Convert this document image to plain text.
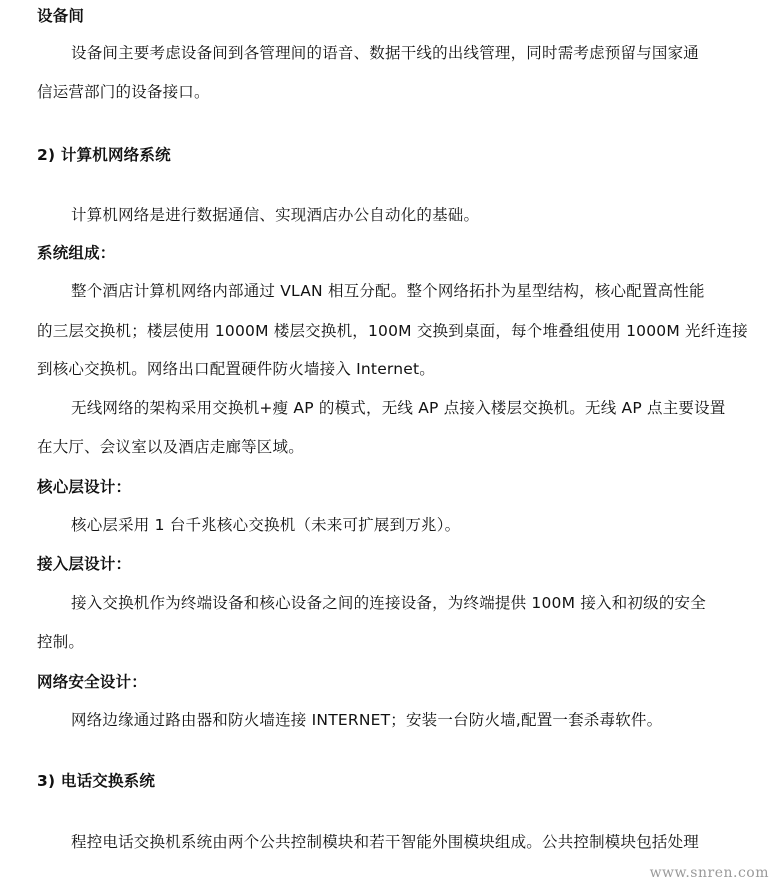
设备间
设备间主要考虑设备间到各管理间的语音、数据干线的出线管理，同时需考虑预留与国家通
信运营部门的设备接口。
2) 计算机网络系统
计算机网络是进行数据通信、实现酒店办公自动化的基础。
系统组成：
整个酒店计算机网络内部通过 VLAN 相互分配。整个网络拓扑为星型结构，核心配置高性能
的三层交换机；楼层使用 1000M 楼层交换机，100M 交换到桌面，每个堆叠组使用 1000M 光纤连接
到核心交换机。网络出口配置硬件防火墙接入 Internet。
无线网络的架构采用交换机+瘦 AP 的模式，无线 AP 点接入楼层交换机。无线 AP 点主要设置
在大厅、会议室以及酒店走廊等区域。
核心层设计：
核心层采用 1 台千兆核心交换机（未来可扩展到万兆）。
接入层设计：
接入交换机作为终端设备和核心设备之间的连接设备，为终端提供 100M 接入和初级的安全
控制。
网络安全设计：
网络边缘通过路由器和防火墙连接 INTERNET；安装一台防火墙,配置一套杀毒软件。
3) 电话交换系统
程控电话交换机系统由两个公共控制模块和若干智能外围模块组成。公共控制模块包括处理
www.snren.com
